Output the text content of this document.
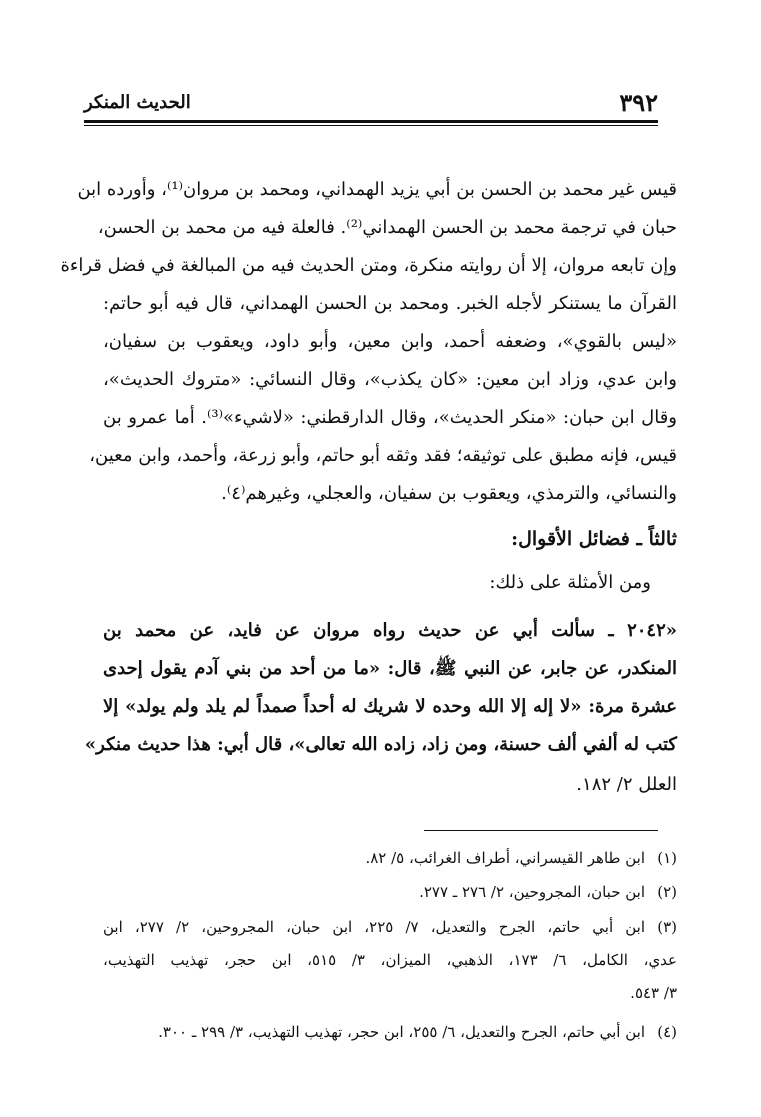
٣٩٢
الحديث المنكر
قيس غير محمد بن الحسن بن أبي يزيد الهمداني، ومحمد بن مروان⁽¹⁾، وأورده ابن
حبان في ترجمة محمد بن الحسن الهمداني⁽²⁾. فالعلة فيه من محمد بن الحسن،
وإن تابعه مروان، إلا أن روايته منكرة، ومتن الحديث فيه من المبالغة في فضل قراءة
القرآن ما يستنكر لأجله الخبر. ومحمد بن الحسن الهمداني، قال فيه أبو حاتم:
«ليس بالقوي»، وضعفه أحمد، وابن معين، وأبو داود، ويعقوب بن سفيان،
وابن عدي، وزاد ابن معين: «كان يكذب»، وقال النسائي: «متروك الحديث»،
وقال ابن حبان: «منكر الحديث»، وقال الدارقطني: «لاشيء»⁽³⁾. أما عمرو بن
قيس، فإنه مطبق على توثيقه؛ فقد وثقه أبو حاتم، وأبو زرعة، وأحمد، وابن معين،
والنسائي، والترمذي، ويعقوب بن سفيان، والعجلي، وغيرهم⁽٤⁾.
ثالثاً ـ فضائل الأقوال:
ومن الأمثلة على ذلك:
«٢٠٤٢ ـ سألت أبي عن حديث رواه مروان عن فايد، عن محمد بن
المنكدر، عن جابر، عن النبي ﷺ، قال: «ما من أحد من بني آدم يقول إحدى
عشرة مرة: «لا إله إلا الله وحده لا شريك له أحداً صمداً لم يلد ولم يولد» إلا
كتب له ألفي ألف حسنة، ومن زاد، زاده الله تعالى»، قال أبي: هذا حديث منكر»
العلل ٢/ ١٨٢.
(١)ابن طاهر القيسراني، أطراف الغرائب، ٥/ ٨٢.
(٢)ابن حبان، المجروحين، ٢/ ٢٧٦ ـ ٢٧٧.
(٣)ابن أبي حاتم، الجرح والتعديل، ٧/ ٢٢٥، ابن حبان، المجروحين، ٢/ ٢٧٧، ابن
عدي، الكامل، ٦/ ١٧٣، الذهبي، الميزان، ٣/ ٥١٥، ابن حجر، تهذيب التهذيب،
٣/ ٥٤٣.
(٤)ابن أبي حاتم، الجرح والتعديل، ٦/ ٢٥٥، ابن حجر، تهذيب التهذيب، ٣/ ٢٩٩ ـ ٣٠٠.
